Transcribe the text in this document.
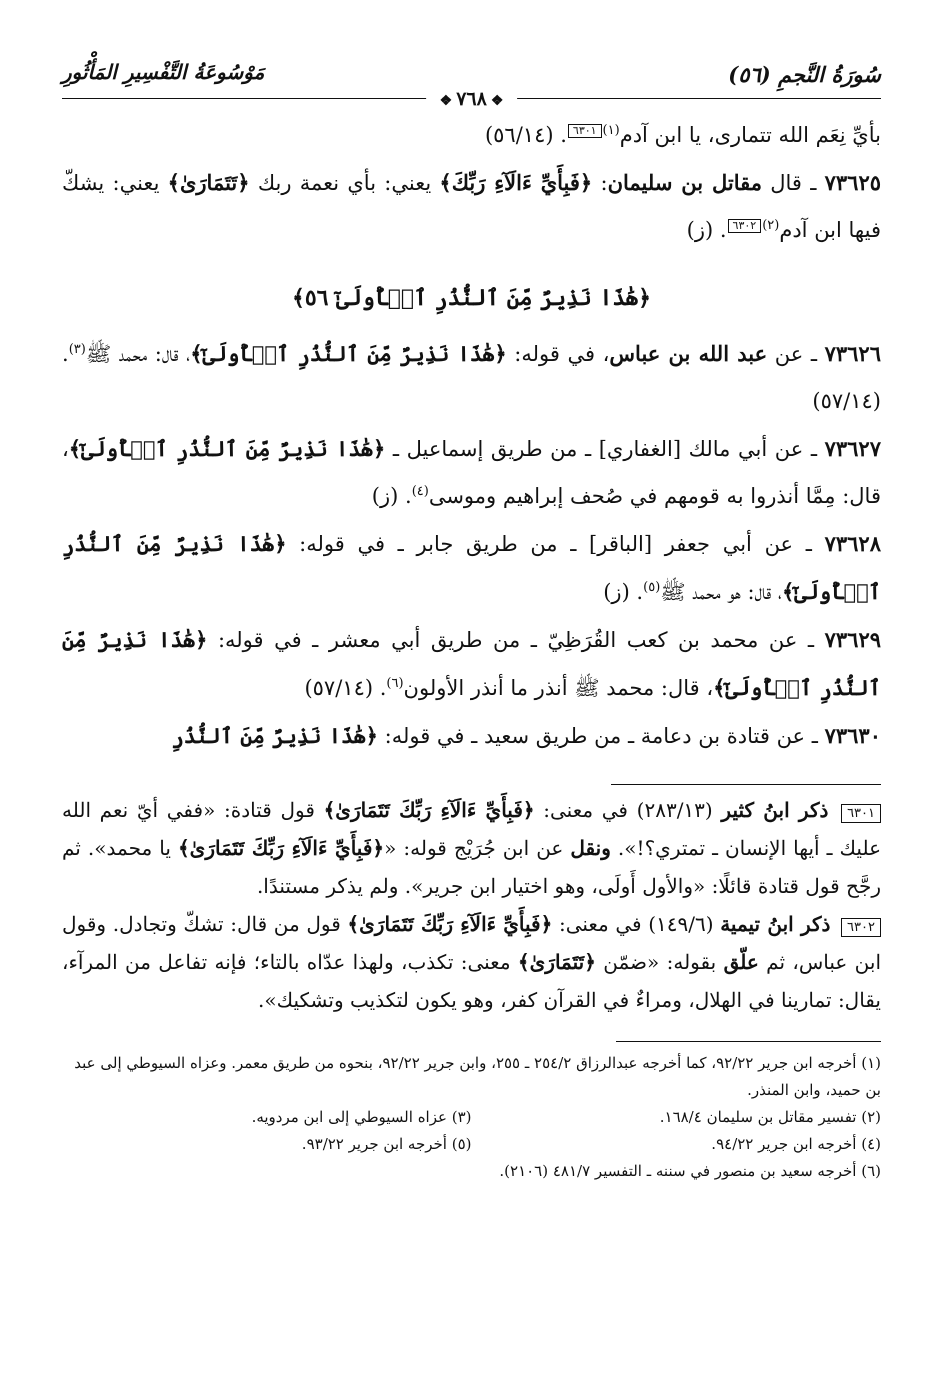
سُورَةُ النَّجمِ (٥٦)
مَوْسُوعَةُ التَّفْسِيرِ المَأْثُورِ
❖٧٦٨❖

بأيِّ نِعَم الله تتمارى، يا ابن آدم$^{(١)}$٦٣٠١. (٥٦/١٤)

٧٣٦٢٥ ـ قال مقاتل بن سليمان: ﴿فَبِأَيِّ ءَالَآءِ رَبِّكَ﴾ يعني: بأي نعمة ربك ﴿تَتَمَارَىٰ﴾ يعني: يشكّ فيها ابن آدم$^{(٢)}$٦٣٠٢. (ز)

﴿هَٰذَا نَذِيرٌ مِّنَ ٱلنُّذُرِ ٱلۡأُولَىٰٓ ٥٦﴾

٧٣٦٢٦ ـ عن عبد الله بن عباس، في قوله: ﴿هَٰذَا نَذِيرٌ مِّنَ ٱلنُّذُرِ ٱلۡأُولَىٰٓ﴾، قال: محمد ﷺ$^{(٣)}$. (٥٧/١٤)

٧٣٦٢٧ ـ عن أبي مالك [الغفاري] ـ من طريق إسماعيل ـ ﴿هَٰذَا نَذِيرٌ مِّنَ ٱلنُّذُرِ ٱلۡأُولَىٰٓ﴾، قال: مِمَّا أنذروا به قومهم في صُحف إبراهيم وموسى$^{(٤)}$. (ز)

٧٣٦٢٨ ـ عن أبي جعفر [الباقر] ـ من طريق جابر ـ في قوله: ﴿هَٰذَا نَذِيرٌ مِّنَ ٱلنُّذُرِ ٱلۡأُولَىٰٓ﴾، قال: هو محمد ﷺ$^{(٥)}$. (ز)

٧٣٦٢٩ ـ عن محمد بن كعب القُرَظِيّ ـ من طريق أبي معشر ـ في قوله: ﴿هَٰذَا نَذِيرٌ مِّنَ ٱلنُّذُرِ ٱلۡأُولَىٰٓ﴾، قال: محمد ﷺ أنذر ما أنذر الأولون$^{(٦)}$. (٥٧/١٤)

٧٣٦٣٠ ـ عن قتادة بن دعامة ـ من طريق سعيد ـ في قوله: ﴿هَٰذَا نَذِيرٌ مِّنَ ٱلنُّذُرِ

٦٣٠١ ذكر ابنُ كثير (٢٨٣/١٣) في معنى: ﴿فَبِأَيِّ ءَالَآءِ رَبِّكَ تَتَمَارَىٰ﴾ قول قتادة: «ففي أيّ نعم الله عليك ـ أيها الإنسان ـ تمتري؟!». ونقل عن ابن جُرَيْج قوله: «﴿فَبِأَيِّ ءَالَآءِ رَبِّكَ تَتَمَارَىٰ﴾ يا محمد». ثم رجَّح قول قتادة قائلًا: «والأول أَولَى، وهو اختيار ابن جرير». ولم يذكر مستندًا.

٦٣٠٢ ذكر ابنُ تيمية (١٤٩/٦) في معنى: ﴿فَبِأَيِّ ءَالَآءِ رَبِّكَ تَتَمَارَىٰ﴾ قول من قال: تشكّ وتجادل. وقول ابن عباس، ثم علّق بقوله: «ضمّن ﴿تَتَمَارَىٰ﴾ معنى: تكذب، ولهذا عدّاه بالتاء؛ فإنه تفاعل من المرآء، يقال: تمارينا في الهلال، ومراءٌ في القرآن كفر، وهو يكون لتكذيب وتشكيك».

(١) أخرجه ابن جرير ٩٢/٢٢، كما أخرجه عبدالرزاق ٢٥٤/٢ ـ ٢٥٥، وابن جرير ٩٢/٢٢، بنحوه من طريق معمر. وعزاه السيوطي إلى عبد بن حميد، وابن المنذر.
(٢) تفسير مقاتل بن سليمان ١٦٨/٤.
(٣) عزاه السيوطي إلى ابن مردويه.
(٤) أخرجه ابن جرير ٩٤/٢٢.
(٥) أخرجه ابن جرير ٩٣/٢٢.
(٦) أخرجه سعيد بن منصور في سننه ـ التفسير ٤٨١/٧ (٢١٠٦).
